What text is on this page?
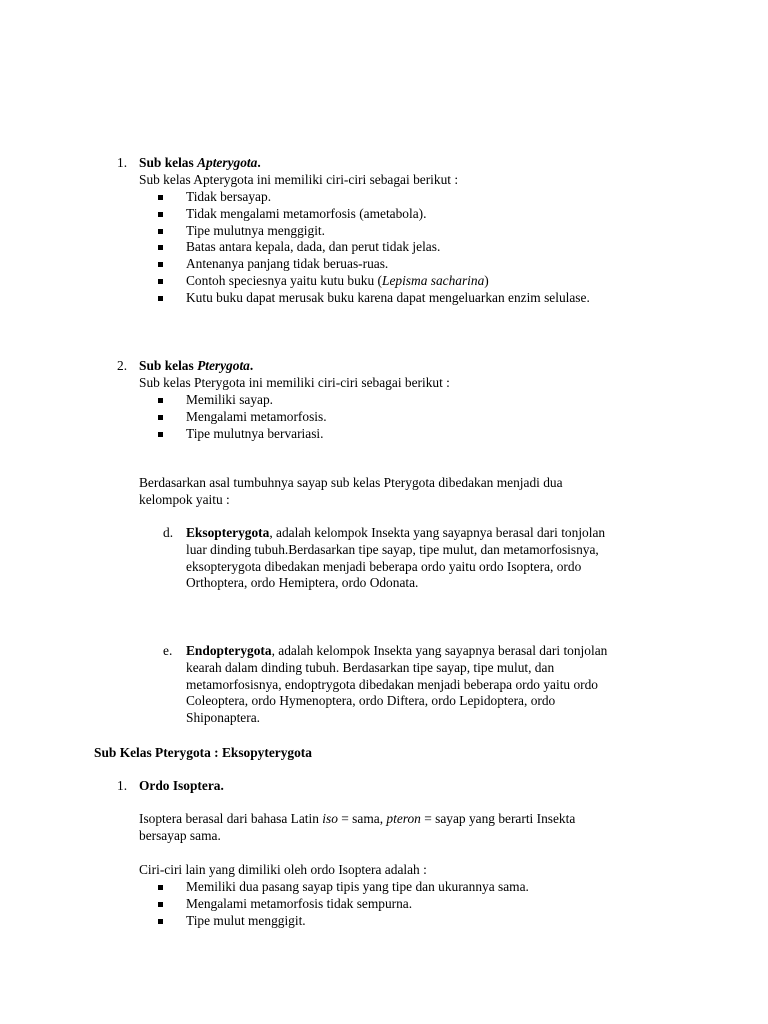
1. Sub kelas Apterygota.
Sub kelas Apterygota ini memiliki ciri-ciri sebagai berikut :
Tidak bersayap.
Tidak mengalami metamorfosis (ametabola).
Tipe mulutnya menggigit.
Batas antara kepala, dada, dan perut tidak jelas.
Antenanya panjang tidak beruas-ruas.
Contoh speciesnya yaitu kutu buku (Lepisma sacharina)
Kutu buku dapat merusak buku karena dapat mengeluarkan enzim selulase.
2. Sub kelas Pterygota.
Sub kelas Pterygota ini memiliki ciri-ciri sebagai berikut :
Memiliki sayap.
Mengalami metamorfosis.
Tipe mulutnya bervariasi.
Berdasarkan asal tumbuhnya sayap sub kelas Pterygota dibedakan menjadi dua
kelompok yaitu :
d. Eksopterygota, adalah kelompok Insekta yang sayapnya berasal dari tonjolan
luar dinding tubuh.Berdasarkan tipe sayap, tipe mulut, dan metamorfosisnya,
eksopterygota dibedakan menjadi beberapa ordo yaitu ordo Isoptera, ordo
Orthoptera, ordo Hemiptera, ordo Odonata.
e. Endopterygota, adalah kelompok Insekta yang sayapnya berasal dari tonjolan
kearah dalam dinding tubuh. Berdasarkan tipe sayap, tipe mulut, dan
metamorfosisnya, endoptrygota dibedakan menjadi beberapa ordo yaitu ordo
Coleoptera, ordo Hymenoptera, ordo Diftera, ordo Lepidoptera, ordo
Shiponaptera.
Sub Kelas Pterygota : Eksopyterygota
1. Ordo Isoptera.
Isoptera berasal dari bahasa Latin iso = sama, pteron = sayap yang berarti Insekta
bersayap sama.
Ciri-ciri lain yang dimiliki oleh ordo Isoptera adalah :
Memiliki dua pasang sayap tipis yang tipe dan ukurannya sama.
Mengalami metamorfosis tidak sempurna.
Tipe mulut menggigit.
